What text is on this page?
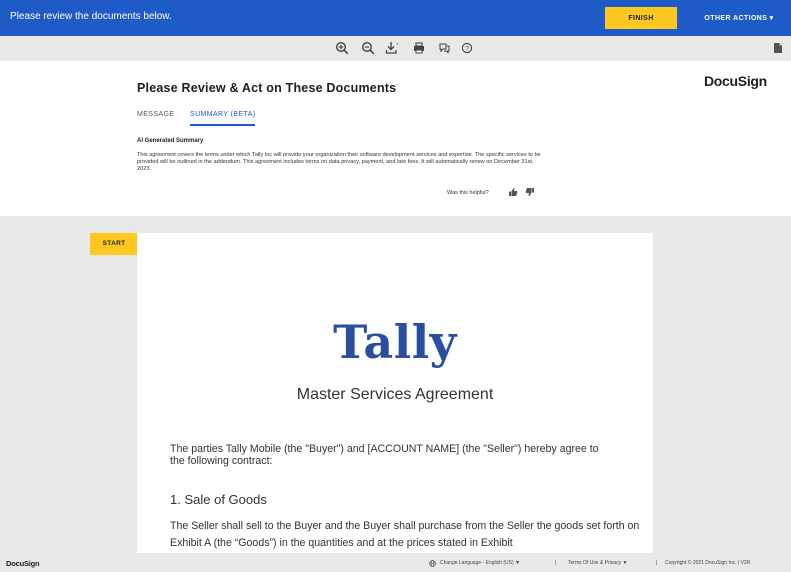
Please review the documents below.	FINISH	OTHER ACTIONS ▾
?
Please Review & Act on These Documents	DocuSign
MESSAGE SUMMARY (BETA)
AI Generated Summary
This agreement covers the terms under which Tally Inc will provide your organization their software development services and expertise. The specific services to be provided will be outlined in the addendum. This agreement includes terms on data privacy, payment, and late fees. It will automatically renew on December 31st, 2023.
Was this helpful?
START
Tally
Master Services Agreement
The parties Tally Mobile (the "Buyer") and [ACCOUNT NAME] (the "Seller") hereby agree to the following contract:
1. Sale of Goods
The Seller shall sell to the Buyer and the Buyer shall purchase from the Seller the goods set forth on Exhibit A (the “Goods”) in the quantities and at the prices stated in Exhibit
DocuSign	Change Language - English (US) ▼	| Terms Of Use & Privacy ▼	| Copyright © 2021 DocuSign Inc. | V2R
